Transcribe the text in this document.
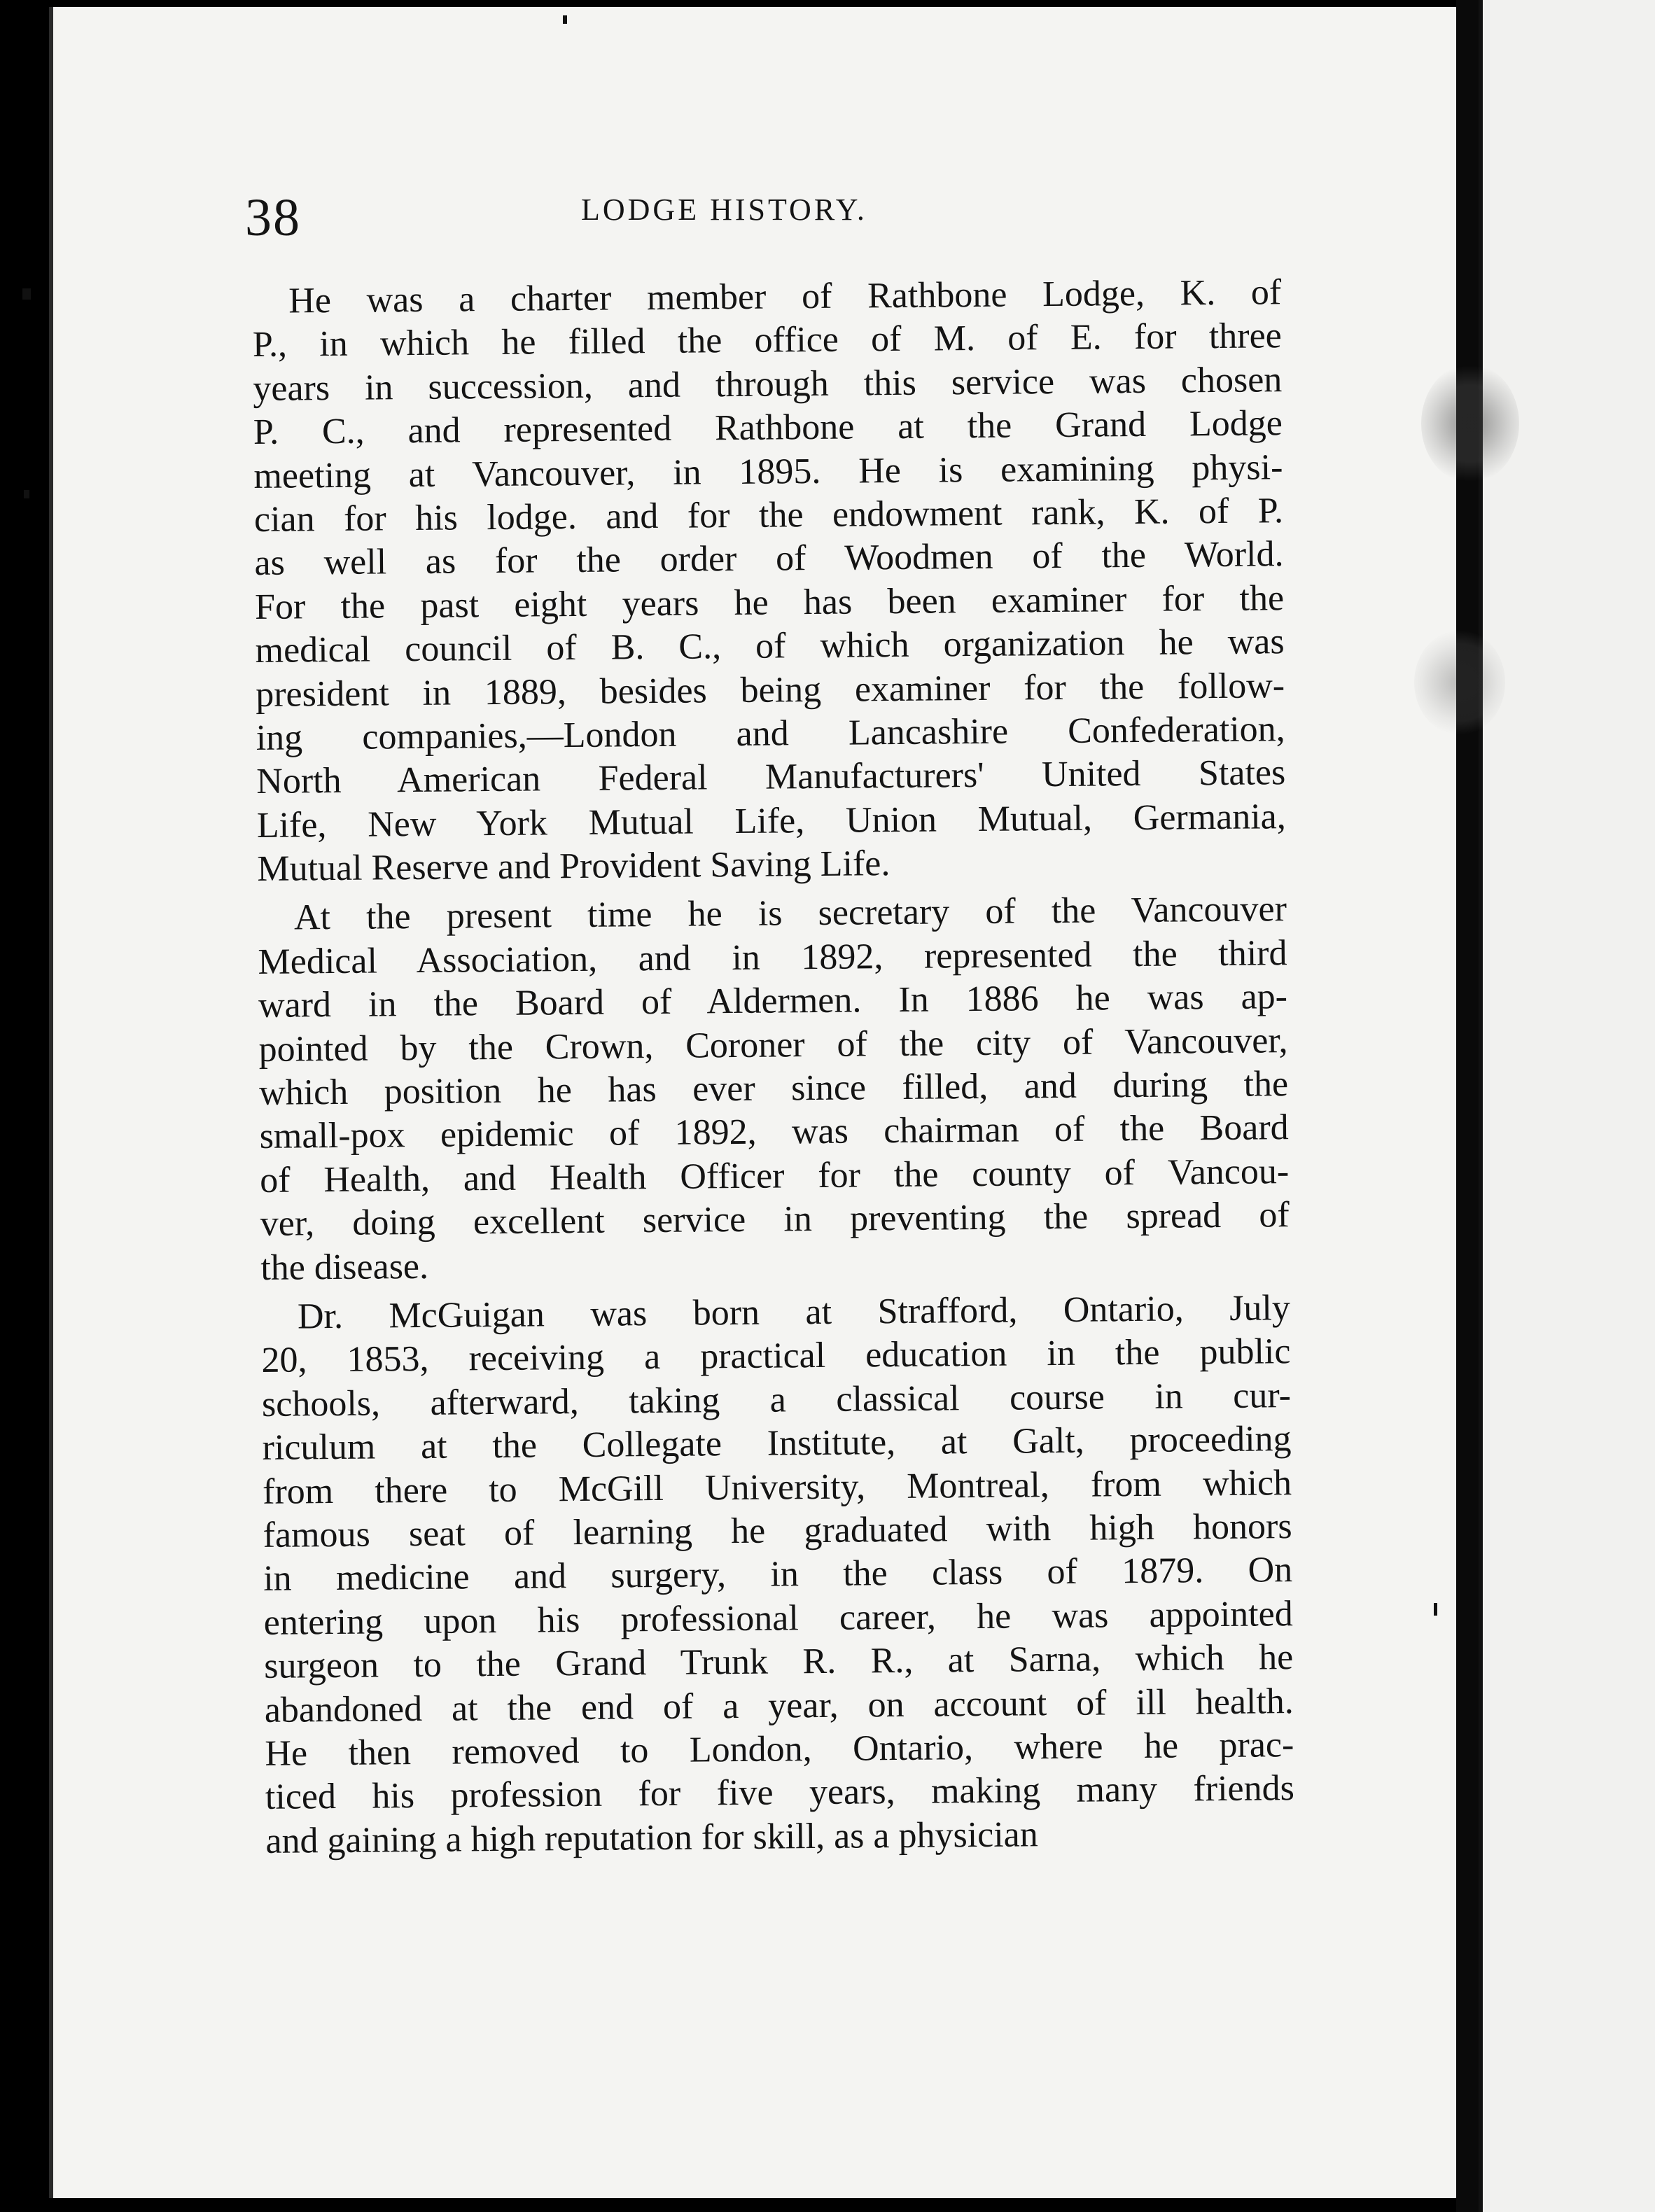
38	LODGE HISTORY.
He was a charter member of Rathbone Lodge, K. of
P., in which he filled the office of M. of E. for three
years in succession, and through this service was chosen
P. C., and represented Rathbone at the Grand Lodge
meeting at Vancouver, in 1895. He is examining physi-
cian for his lodge. and for the endowment rank, K. of P.
as well as for the order of Woodmen of the World.
For the past eight years he has been examiner for the
medical council of B. C., of which organization he was
president in 1889, besides being examiner for the follow-
ing companies,—London and Lancashire Confederation,
North American Federal Manufacturers' United States
Life, New York Mutual Life, Union Mutual, Germania,
Mutual Reserve and Provident Saving Life.
At the present time he is secretary of the Vancouver
Medical Association, and in 1892, represented the third
ward in the Board of Aldermen. In 1886 he was ap-
pointed by the Crown, Coroner of the city of Vancouver,
which position he has ever since filled, and during the
small-pox epidemic of 1892, was chairman of the Board
of Health, and Health Officer for the county of Vancou-
ver, doing excellent service in preventing the spread of
the disease.
Dr. McGuigan was born at Strafford, Ontario, July
20, 1853, receiving a practical education in the public
schools, afterward, taking a classical course in cur-
riculum at the Collegate Institute, at Galt, proceeding
from there to McGill University, Montreal, from which
famous seat of learning he graduated with high honors
in medicine and surgery, in the class of 1879. On
entering upon his professional career, he was appointed
surgeon to the Grand Trunk R. R., at Sarna, which he
abandoned at the end of a year, on account of ill health.
He then removed to London, Ontario, where he prac-
ticed his profession for five years, making many friends
and gaining a high reputation for skill, as a physician
